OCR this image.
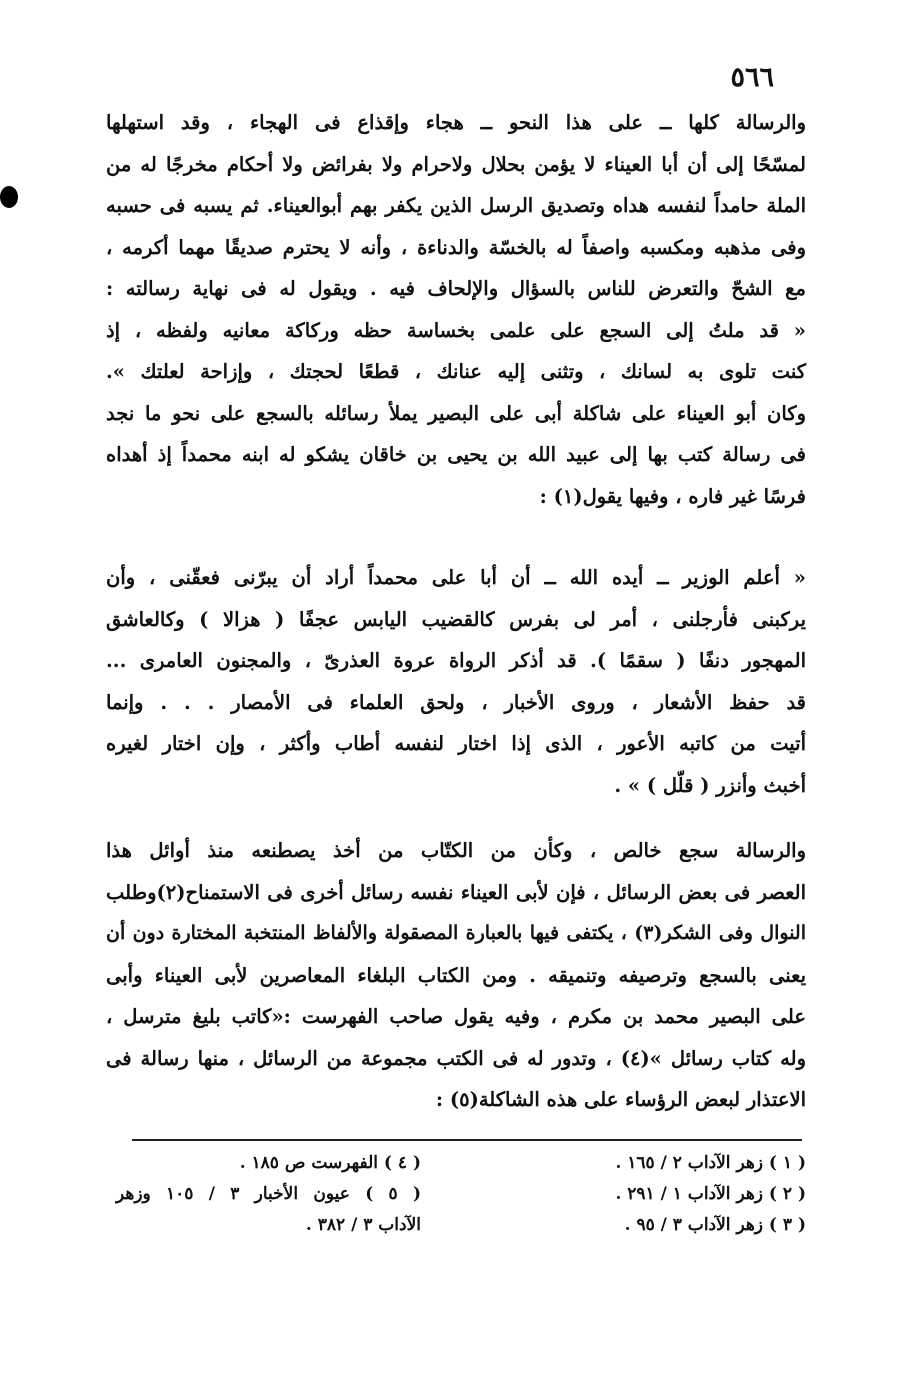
٥٦٦
والرسالة كلها ــ على هذا النحو ــ هجاء وإقذاع فى الهجاء ، وقد استهلها
لمسّحًا إلى أن أبا العيناء لا يؤمن بحلال ولاحرام ولا بفرائض ولا أحكام مخرجًا له من
الملة حامداً لنفسه هداه وتصديق الرسل الذين يكفر بهم أبوالعيناء. ثم يسبه فى حسبه
وفى مذهبه ومكسبه واصفاً له بالخسّة والدناءة ، وأنه لا يحترم صديقًا مهما أكرمه ،
مع الشحّ والتعرض للناس بالسؤال والإلحاف فيه . ويقول له فى نهاية رسالته :
« قد ملتُ إلى السجع على علمى بخساسة حظه وركاكة معانيه ولفظه ، إذ
كنت تلوى به لسانك ، وتثنى إليه عنانك ، قطعًا لحجتك ، وإزاحة لعلتك ».
وكان أبو العيناء على شاكلة أبى على البصير يملأ رسائله بالسجع على نحو ما نجد
فى رسالة كتب بها إلى عبيد الله بن يحيى بن خاقان يشكو له ابنه محمداً إذ أهداه
فرسًا غير فاره ، وفيها يقول(١) :
« أعلم الوزير ــ أيده الله ــ أن أبا على محمداً أراد أن يبرّنى فعقّنى ، وأن
يركبنى فأرجلنى ، أمر لى بفرس كالقضيب اليابس عجفًا ( هزالا ) وكالعاشق
المهجور دنفًا ( سقمًا ). قد أذكر الرواة عروة العذرىّ ، والمجنون العامرى ...
قد حفظ الأشعار ، وروى الأخبار ، ولحق العلماء فى الأمصار . . . وإنما
أتيت من كاتبه الأعور ، الذى إذا اختار لنفسه أطاب وأكثر ، وإن اختار لغيره
أخبث وأنزر ( قلّل ) » .
والرسالة سجع خالص ، وكأن من الكتّاب من أخذ يصطنعه منذ أوائل هذا
العصر فى بعض الرسائل ، فإن لأبى العيناء نفسه رسائل أخرى فى الاستمناح(٢)وطلب
النوال وفى الشكر(٣) ، يكتفى فيها بالعبارة المصقولة والألفاظ المنتخبة المختارة دون أن
يعنى بالسجع وترصيفه وتنميقه . ومن الكتاب البلغاء المعاصرين لأبى العيناء وأبى
على البصير محمد بن مكرم ، وفيه يقول صاحب الفهرست :«كاتب بليغ مترسل ،
وله كتاب رسائل »(٤) ، وتدور له فى الكتب مجموعة من الرسائل ، منها رسالة فى
الاعتذار لبعض الرؤساء على هذه الشاكلة(٥) :
( ١ ) زهر الآداب ٢ / ١٦٥ .
( ٢ ) زهر الآداب ١ / ٢٩١ .
( ٣ ) زهر الآداب ٣ / ٩٥ .
( ٤ ) الفهرست ص ١٨٥ .
( ٥ ) عيون الأخبار ٣ / ١٠٥ وزهر
الآداب ٣ / ٣٨٢ .
